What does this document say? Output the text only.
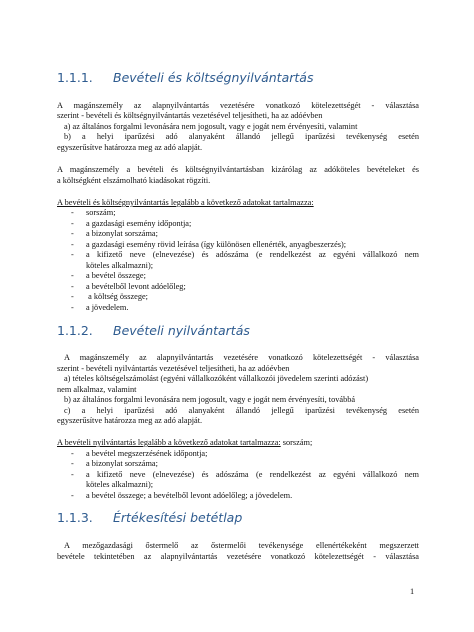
1.1.1. Bevételi és költségnyilvántartás
A magánszemély az alapnyilvántartás vezetésére vonatkozó kötelezettségét - választása
szerint - bevételi és költségnyilvántartás vezetésével teljesítheti, ha az adóévben
a) az általános forgalmi levonására nem jogosult, vagy e jogát nem érvényesíti, valamint
b) a helyi iparűzési adó alanyaként állandó jellegű iparűzési tevékenység esetén
egyszerűsítve határozza meg az adó alapját.
A magánszemély a bevételi és költségnyilvántartásban kizárólag az adóköteles bevételeket és
a költségként elszámolható kiadásokat rögzíti.
A bevételi és költségnyilvántartás legalább a következő adatokat tartalmazza:
- sorszám;
- a gazdasági esemény időpontja;
- a bizonylat sorszáma;
- a gazdasági esemény rövid leírása (így különösen ellenérték, anyagbeszerzés);
- a kifizető neve (elnevezése) és adószáma (e rendelkezést az egyéni vállalkozó nem
köteles alkalmazni);
- a bevétel összege;
- a bevételből levont adóelőleg;
- a költség összege;
- a jövedelem.
1.1.2. Bevételi nyilvántartás
A magánszemély az alapnyilvántartás vezetésére vonatkozó kötelezettségét - választása
szerint - bevételi nyilvántartás vezetésével teljesítheti, ha az adóévben
a) tételes költségelszámolást (egyéni vállalkozóként vállalkozói jövedelem szerinti adózást)
nem alkalmaz, valamint
b) az általános forgalmi levonására nem jogosult, vagy e jogát nem érvényesíti, továbbá
c) a helyi iparűzési adó alanyaként állandó jellegű iparűzési tevékenység esetén
egyszerűsítve határozza meg az adó alapját.
A bevételi nyilvántartás legalább a következő adatokat tartalmazza: sorszám;
- a bevétel megszerzésének időpontja;
- a bizonylat sorszáma;
- a kifizető neve (elnevezése) és adószáma (e rendelkezést az egyéni vállalkozó nem
köteles alkalmazni);
- a bevétel összege; a bevételből levont adóelőleg; a jövedelem.
1.1.3. Értékesítési betétlap
A mezőgazdasági őstermelő az őstermelői tevékenysége ellenértékeként megszerzett
bevétele tekintetében az alapnyilvántartás vezetésére vonatkozó kötelezettségét - választása
1
